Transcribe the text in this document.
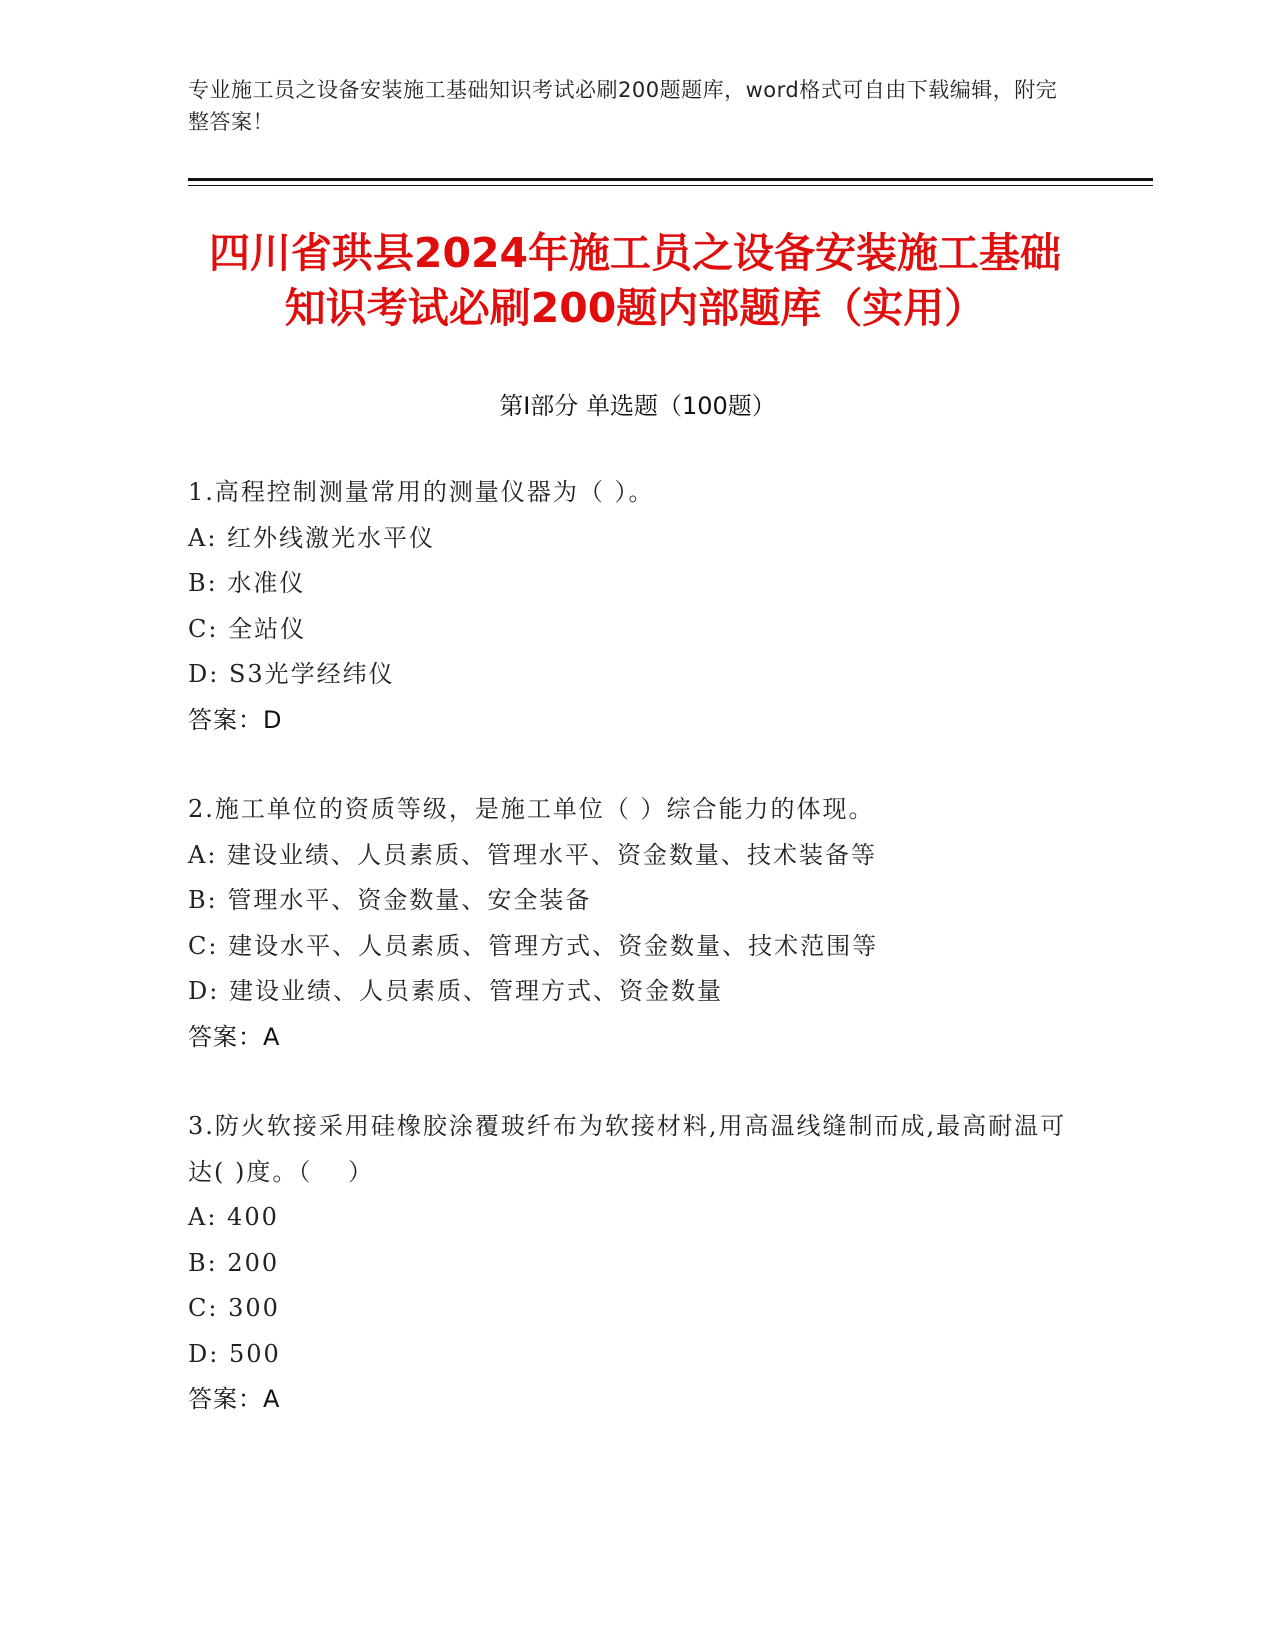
专业施工员之设备安装施工基础知识考试必刷200题题库，word格式可自由下载编辑，附完整答案！
四川省珙县2024年施工员之设备安装施工基础知识考试必刷200题内部题库（实用）
第I部分 单选题（100题）
1.高程控制测量常用的测量仪器为（ ）。
A: 红外线激光水平仪
B: 水准仪
C: 全站仪
D: S3光学经纬仪
答案：D
2.施工单位的资质等级，是施工单位（ ）综合能力的体现。
A: 建设业绩、人员素质、管理水平、资金数量、技术装备等
B: 管理水平、资金数量、安全装备
C: 建设水平、人员素质、管理方式、资金数量、技术范围等
D: 建设业绩、人员素质、管理方式、资金数量
答案：A
3.防火软接采用硅橡胶涂覆玻纤布为软接材料,用高温线缝制而成,最高耐温可达( )度。（　 ）
A: 400
B: 200
C: 300
D: 500
答案：A
